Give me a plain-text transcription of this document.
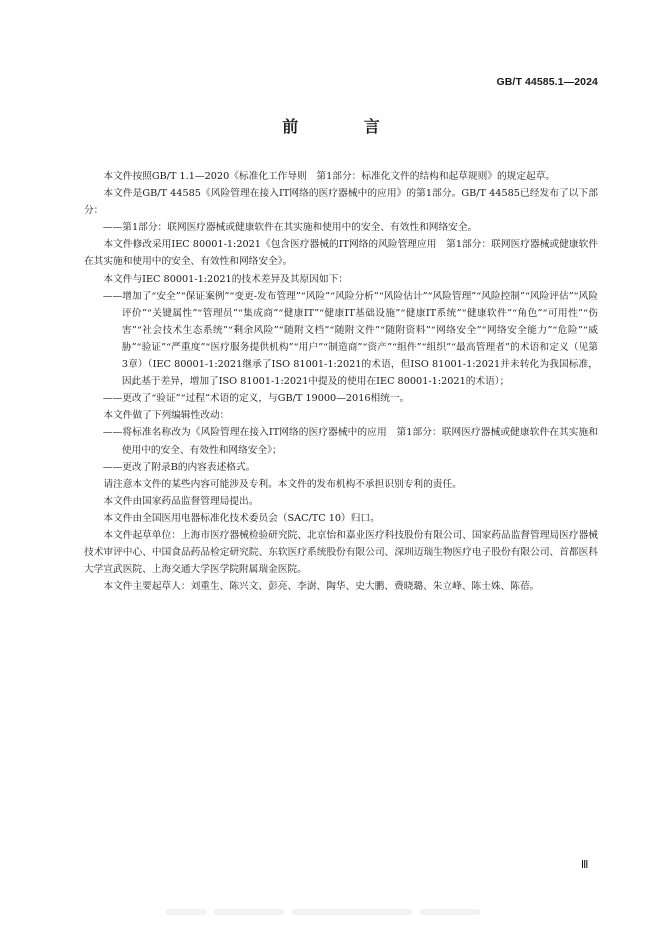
GB/T 44585.1—2024
前 言

本文件按照GB/T 1.1—2020《标准化工作导则　第1部分：标准化文件的结构和起草规则》的规定起草。

本文件是GB/T 44585《风险管理在接入IT网络的医疗器械中的应用》的第1部分。GB/T 44585已经发布了以下部分：

——第1部分：联网医疗器械或健康软件在其实施和使用中的安全、有效性和网络安全。

本文件修改采用IEC 80001-1:2021《包含医疗器械的IT网络的风险管理应用　第1部分：联网医疗器械或健康软件在其实施和使用中的安全、有效性和网络安全》。

本文件与IEC 80001-1:2021的技术差异及其原因如下：

——增加了“安全”“保证案例”“变更-发布管理”“风险”“风险分析”“风险估计”“风险管理”“风险控制”“风险评估”“风险评价”“关键属性”“管理员”“集成商”“健康IT”“健康IT基础设施”“健康IT系统”“健康软件”“角色”“可用性”“伤害”“社会技术生态系统”“剩余风险”“随附文档”“随附文件”“随附资料”“网络安全”“网络安全能力”“危险”“威胁”“验证”“严重度”“医疗服务提供机构”“用户”“制造商”“资产”“组件”“组织”“最高管理者”的术语和定义（见第3章）（IEC 80001-1:2021继承了ISO 81001-1:2021的术语，但ISO 81001-1:2021并未转化为我国标准，因此基于差异，增加了ISO 81001-1:2021中提及的使用在IEC 80001-1:2021的术语）；

——更改了“验证”“过程”术语的定义，与GB/T 19000—2016相统一。

本文件做了下列编辑性改动：

——将标准名称改为《风险管理在接入IT网络的医疗器械中的应用　第1部分：联网医疗器械或健康软件在其实施和使用中的安全、有效性和网络安全》；

——更改了附录B的内容表述格式。

请注意本文件的某些内容可能涉及专利。本文件的发布机构不承担识别专利的责任。

本文件由国家药品监督管理局提出。

本文件由全国医用电器标准化技术委员会（SAC/TC 10）归口。

本文件起草单位：上海市医疗器械检验研究院、北京怡和嘉业医疗科技股份有限公司、国家药品监督管理局医疗器械技术审评中心、中国食品药品检定研究院、东软医疗系统股份有限公司、深圳迈瑞生物医疗电子股份有限公司、首都医科大学宣武医院、上海交通大学医学院附属瑞金医院。

本文件主要起草人：刘重生、陈兴文、彭亮、李澍、陶华、史大鹏、费晓璐、朱立峰、陈士姝、陈蓓。

Ⅲ
